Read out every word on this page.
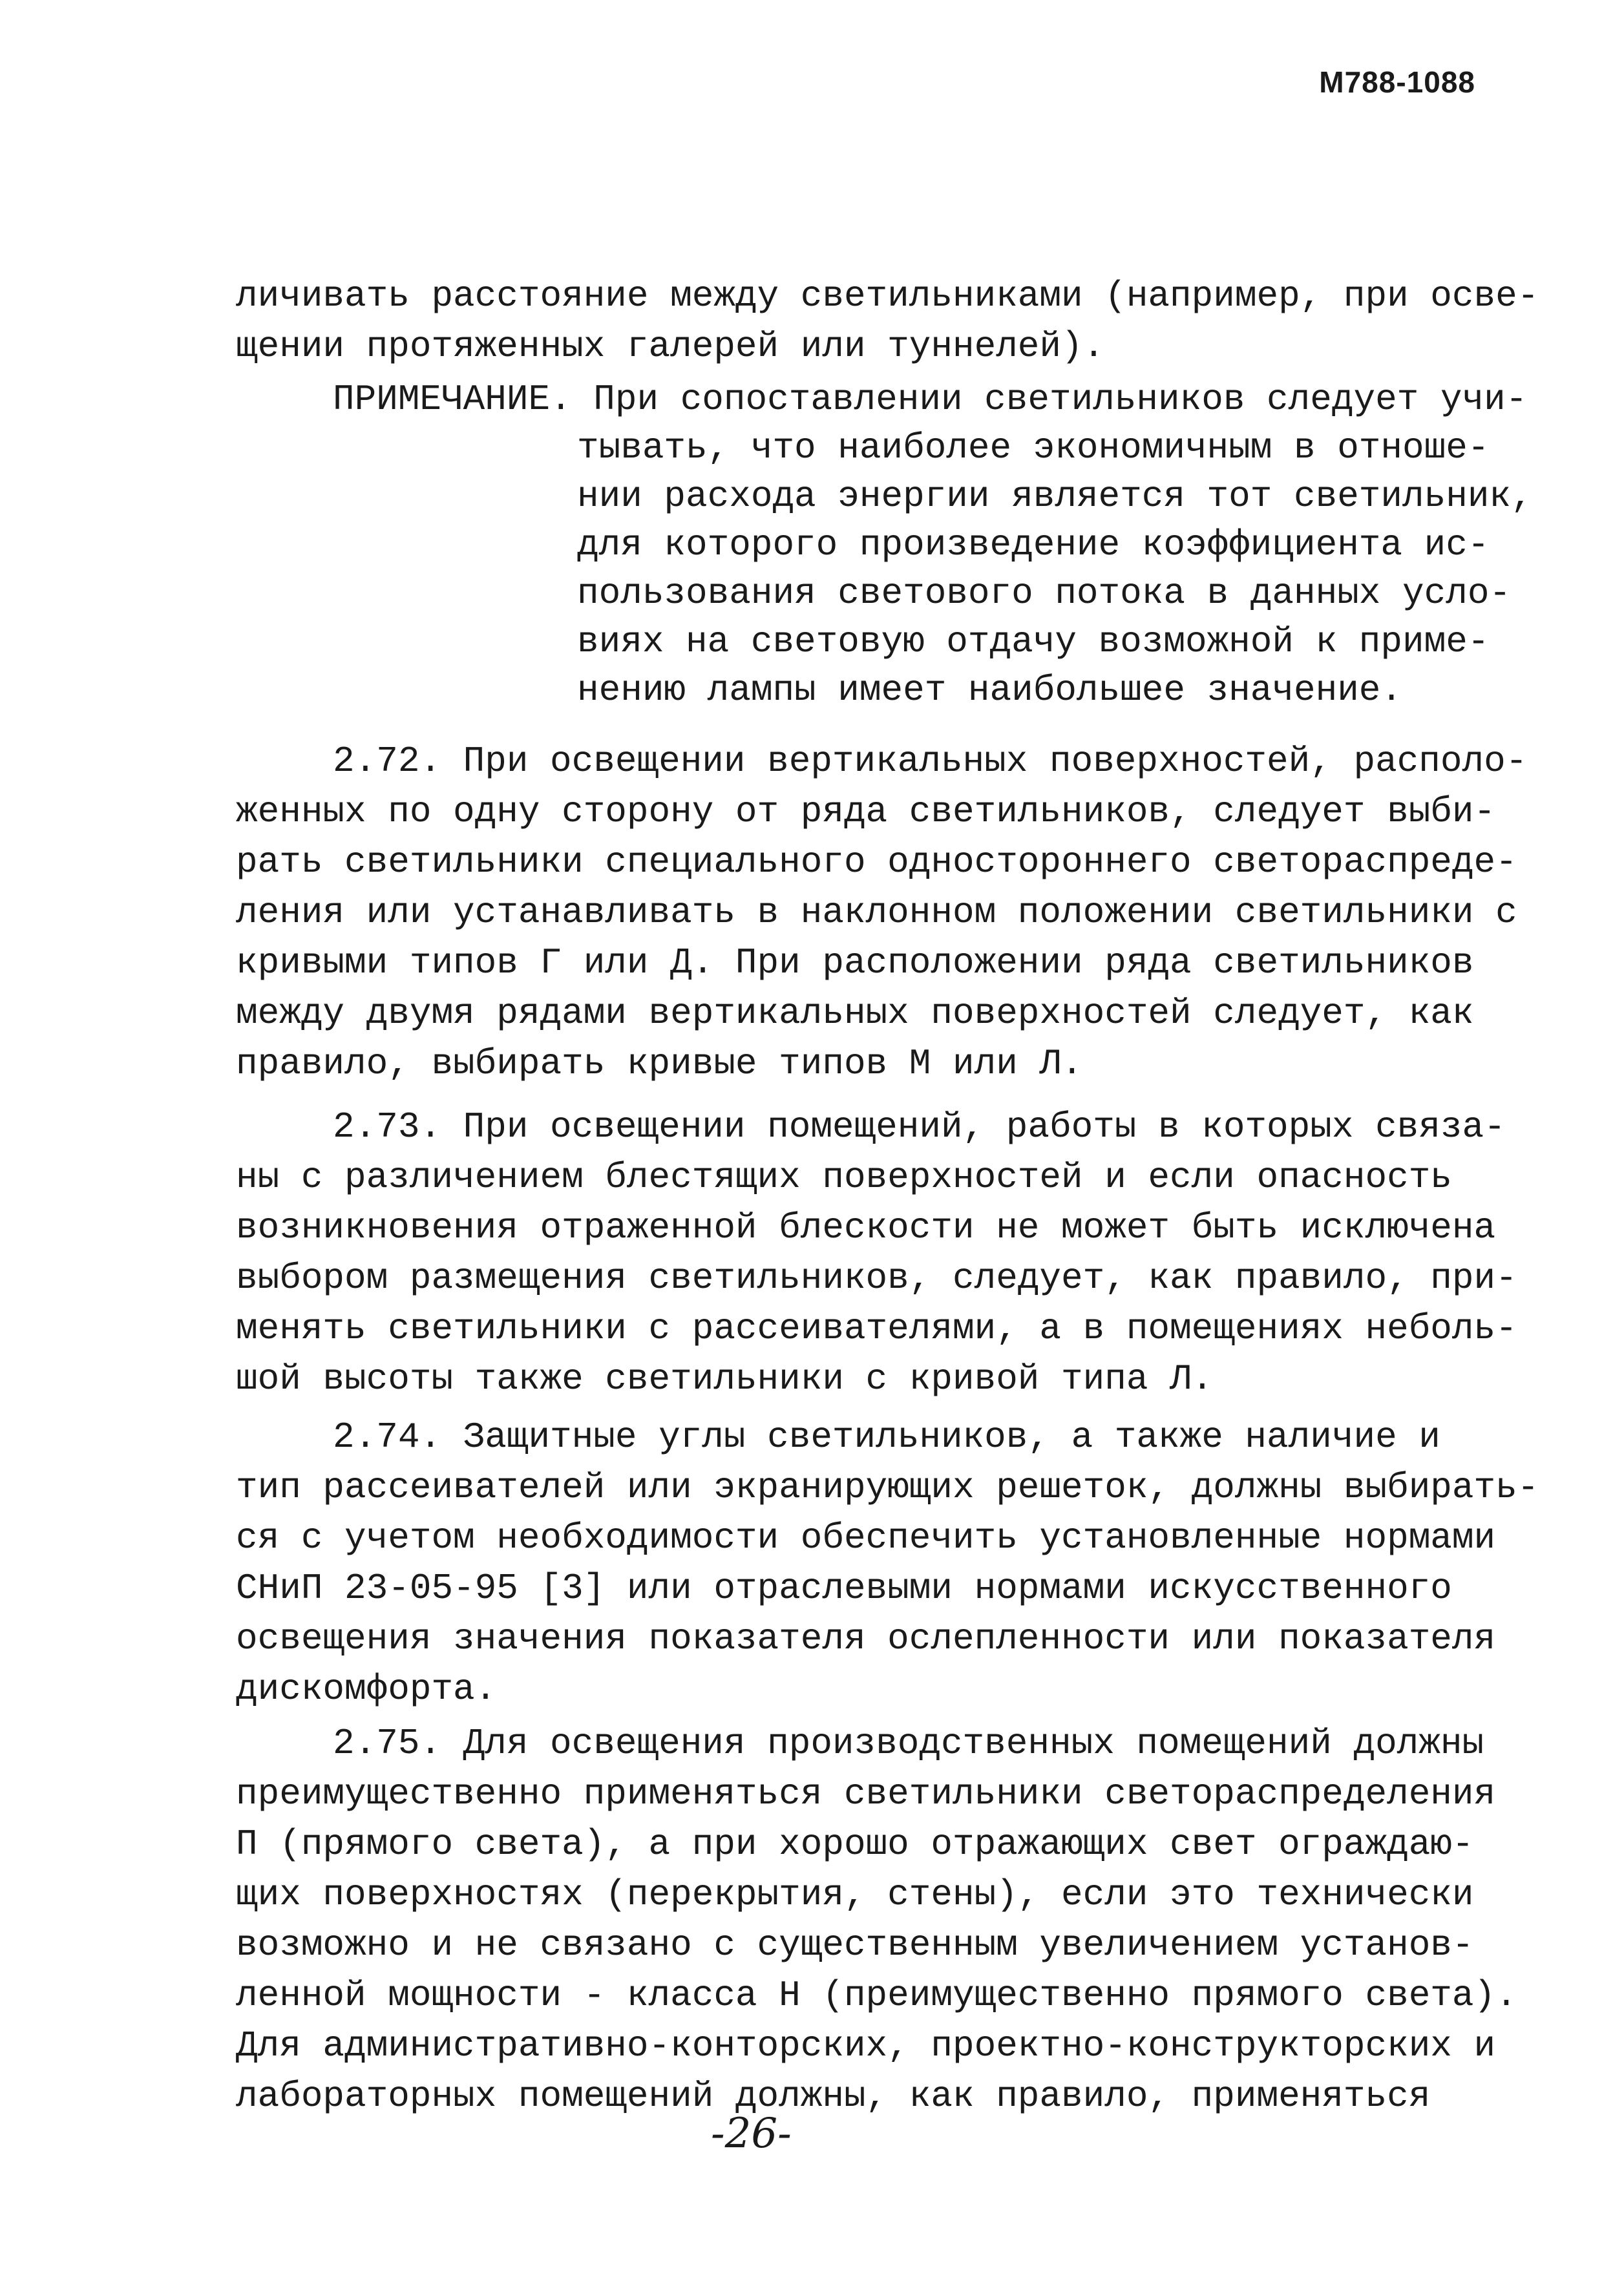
М788-1088
личивать расстояние между светильниками (например, при осве-
щении протяженных галерей или туннелей).
ПРИМЕЧАНИЕ. При сопоставлении светильников следует учи-
тывать, что наиболее экономичным в отноше-
нии расхода энергии является тот светильник,
для которого произведение коэффициента ис-
пользования светового потока в данных усло-
виях на световую отдачу возможной к приме-
нению лампы имеет наибольшее значение.
2.72. При освещении вертикальных поверхностей, располо-
женных по одну сторону от ряда светильников, следует выби-
рать светильники специального одностороннего светораспреде-
ления или устанавливать в наклонном положении светильники с
кривыми типов Г или Д. При расположении ряда светильников
между двумя рядами вертикальных поверхностей следует, как
правило, выбирать кривые типов М или Л.
2.73. При освещении помещений, работы в которых связа-
ны с различением блестящих поверхностей и если опасность
возникновения отраженной блескости не может быть исключена
выбором размещения светильников, следует, как правило, при-
менять светильники с рассеивателями, а в помещениях неболь-
шой высоты также светильники с кривой типа Л.
2.74. Защитные углы светильников, а также наличие и
тип рассеивателей или экранирующих решеток, должны выбирать-
ся с учетом необходимости обеспечить установленные нормами
СНиП 23-05-95 [3] или отраслевыми нормами искусственного
освещения значения показателя ослепленности или показателя
дискомфорта.
2.75. Для освещения производственных помещений должны
преимущественно применяться светильники светораспределения
П (прямого света), а при хорошо отражающих свет ограждаю-
щих поверхностях (перекрытия, стены), если это технически
возможно и не связано с существенным увеличением установ-
ленной мощности - класса Н (преимущественно прямого света).
Для административно-конторских, проектно-конструкторских и
лабораторных помещений должны, как правило, применяться
-26-
